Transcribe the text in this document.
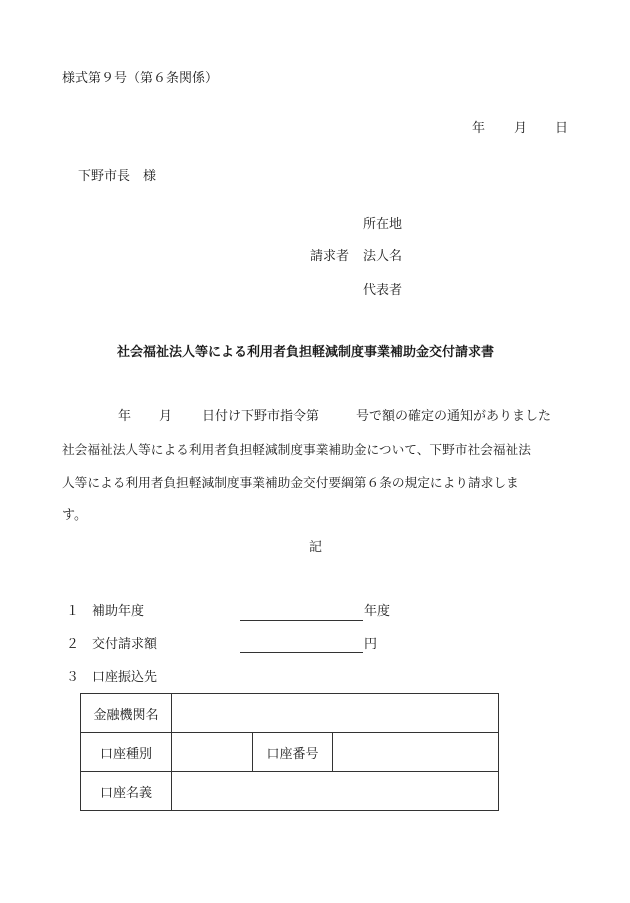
様式第９号（第６条関係）
年 月 日
下野市長　様
所在地
請求者 法人名
代表者
社会福祉法人等による利用者負担軽減制度事業補助金交付請求書
年 月 日付け下野市指令第	号で額の確定の通知がありました
社会福祉法人等による利用者負担軽減制度事業補助金について、下野市社会福祉法
人等による利用者負担軽減制度事業補助金交付要綱第６条の規定により請求しま
す。
記
１ 補助年度	年度
２ 交付請求額	円
３ 口座振込先
金融機関名			
口座種別		口座番号	
口座名義			
